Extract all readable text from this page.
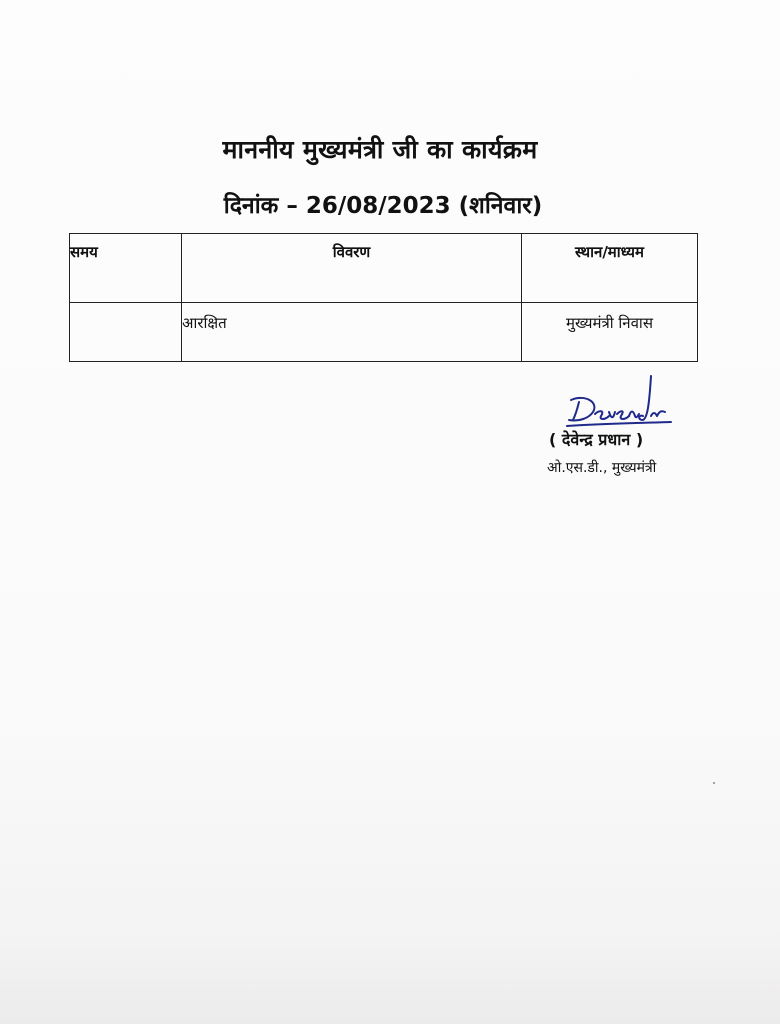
माननीय मुख्यमंत्री जी का कार्यक्रम
दिनांक – 26/08/2023 (शनिवार)
समय	विवरण	स्थान/माध्यम
	आरक्षित	मुख्यमंत्री निवास
( देवेन्द्र प्रधान )
ओ.एस.डी., मुख्यमंत्री
